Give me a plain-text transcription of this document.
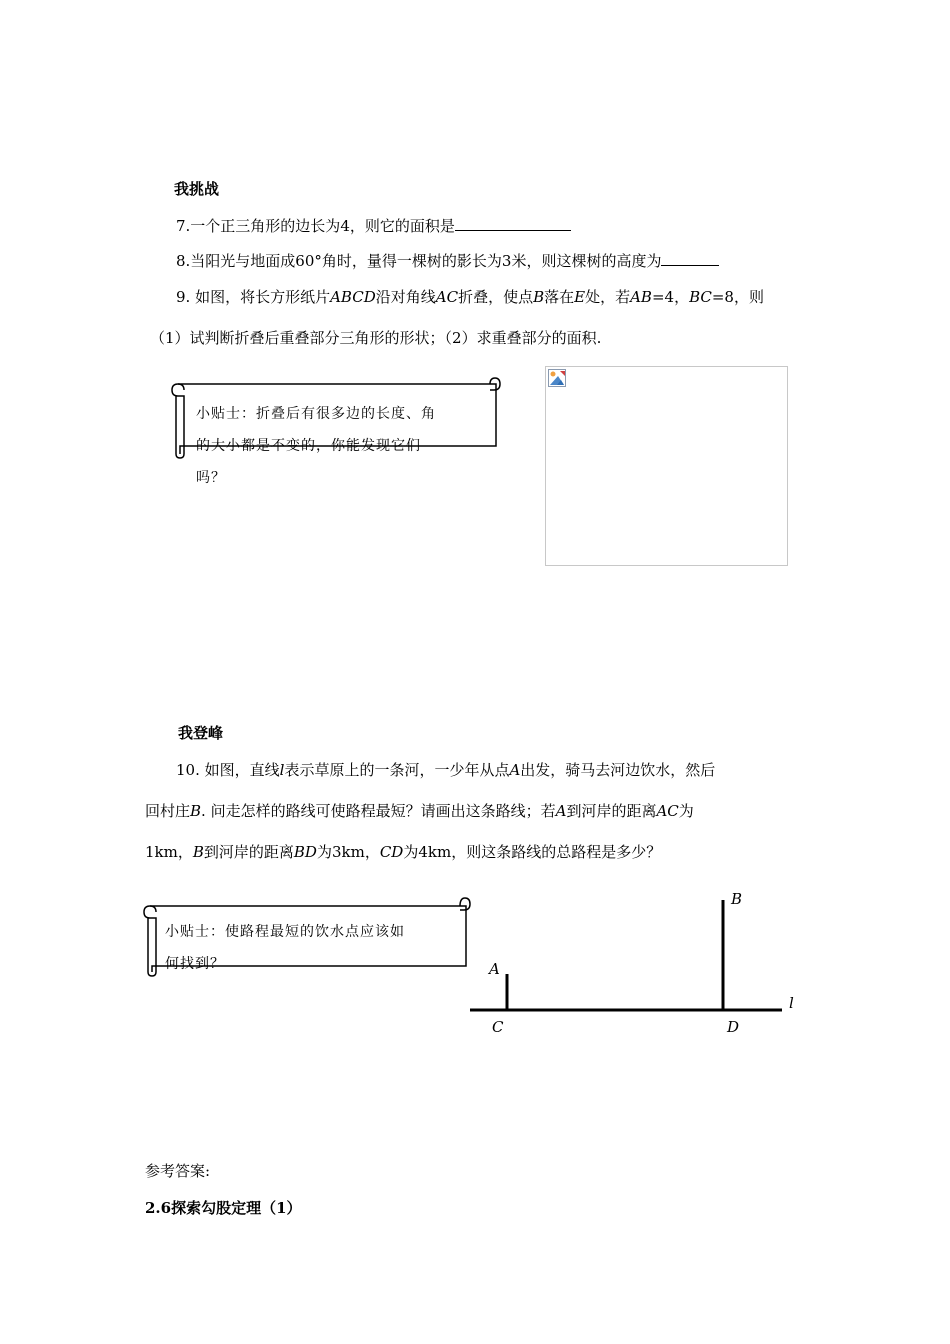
我挑战
7.一个正三角形的边长为4，则它的面积是
8.当阳光与地面成60°角时，量得一棵树的影长为3米，则这棵树的高度为
9. 如图，将长方形纸片ABCD沿对角线AC折叠，使点B落在E处，若AB=4，BC=8，则
（1）试判断折叠后重叠部分三角形的形状；（2）求重叠部分的面积.
小贴士：折叠后有很多边的长度、角
的大小都是不变的，你能发现它们
吗？
我登峰
10. 如图，直线l表示草原上的一条河，一少年从点A出发，骑马去河边饮水，然后
回村庄B. 问走怎样的路线可使路程最短？请画出这条路线；若A到河岸的距离AC为
1km，B到河岸的距离BD为3km，CD为4km，则这条路线的总路程是多少？
小贴士：使路程最短的饮水点应该如
何找到？	A
B
C	D
l
参考答案:
2.6探索勾股定理（1）
